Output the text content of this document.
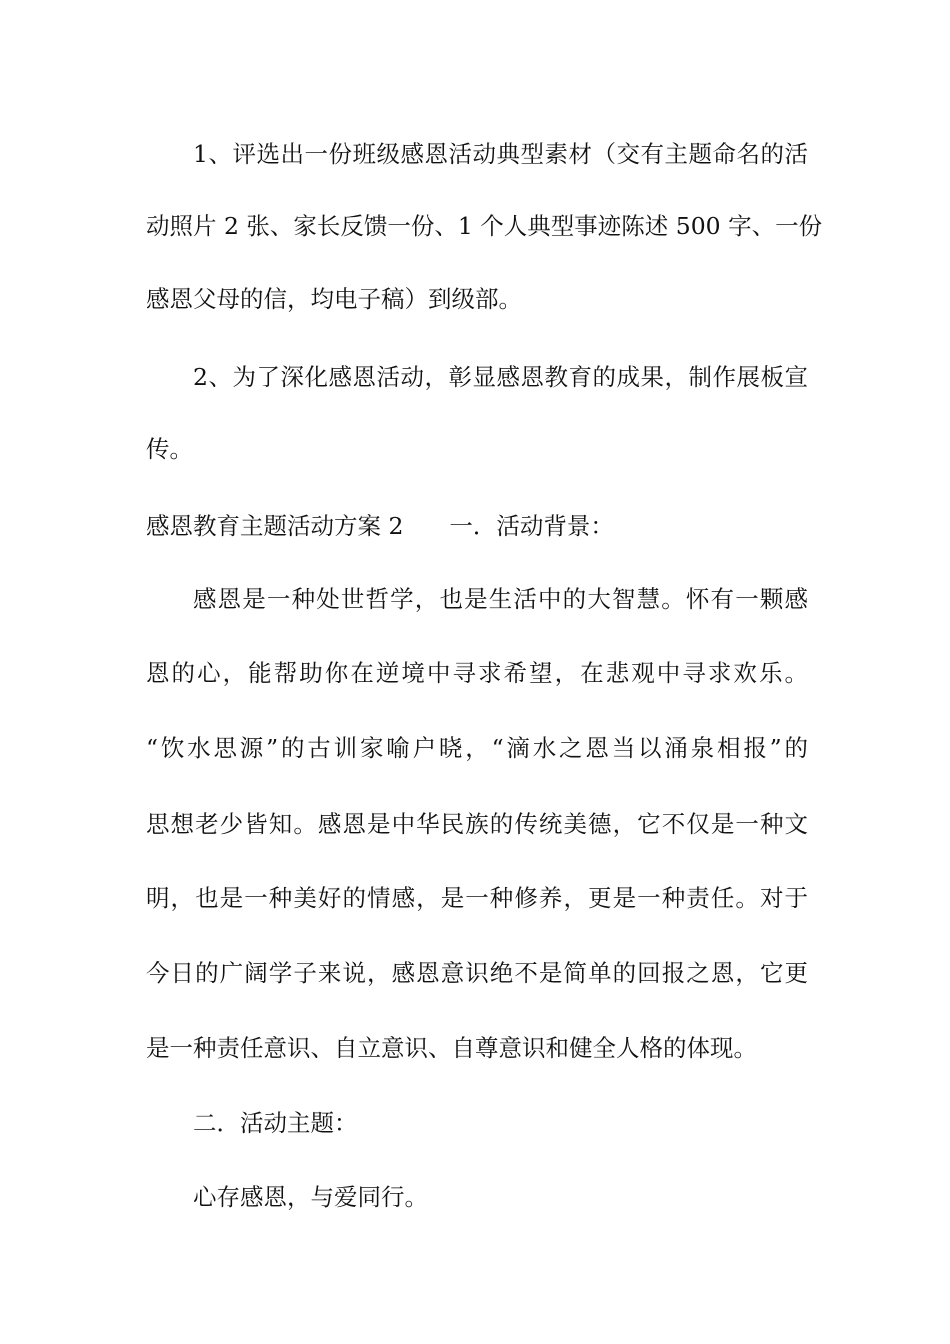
1、评选出一份班级感恩活动典型素材（交有主题命名的活
动照片 2 张、家长反馈一份、1 个人典型事迹陈述 500 字、一份
感恩父母的信，均电子稿）到级部。
2、为了深化感恩活动，彰显感恩教育的成果，制作展板宣
传。
感恩教育主题活动方案 2 一．活动背景：
感恩是一种处世哲学，也是生活中的大智慧。怀有一颗感
恩的心，能帮助你在逆境中寻求希望，在悲观中寻求欢乐。
“饮水思源”的古训家喻户晓，“滴水之恩当以涌泉相报”的
思想老少皆知。感恩是中华民族的传统美德，它不仅是一种文
明，也是一种美好的情感，是一种修养，更是一种责任。对于
今日的广阔学子来说，感恩意识绝不是简单的回报之恩，它更
是一种责任意识、自立意识、自尊意识和健全人格的体现。
二．活动主题：
心存感恩，与爱同行。
